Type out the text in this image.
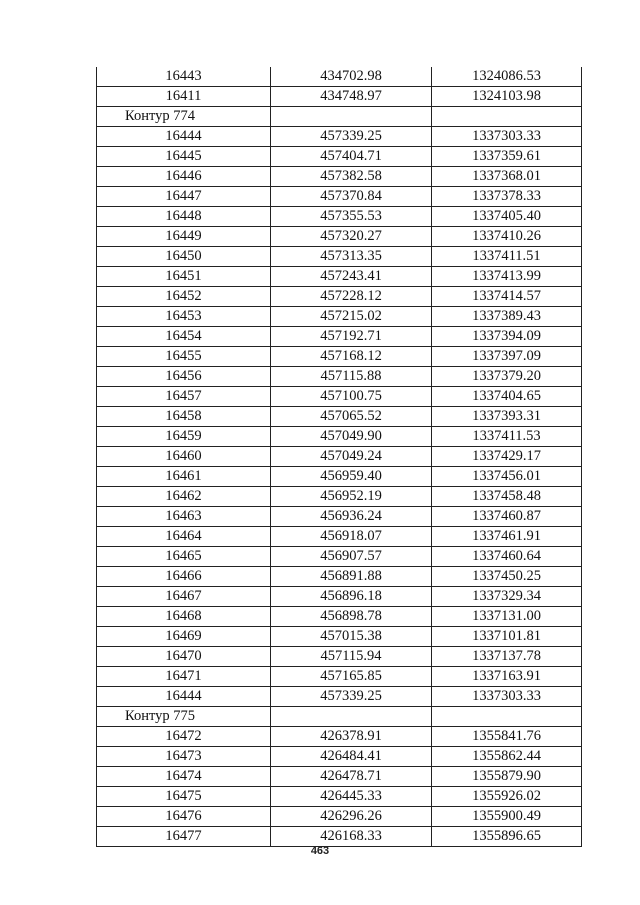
16443	434702.98	1324086.53
16411	434748.97	1324103.98
Контур 774		
16444	457339.25	1337303.33
16445	457404.71	1337359.61
16446	457382.58	1337368.01
16447	457370.84	1337378.33
16448	457355.53	1337405.40
16449	457320.27	1337410.26
16450	457313.35	1337411.51
16451	457243.41	1337413.99
16452	457228.12	1337414.57
16453	457215.02	1337389.43
16454	457192.71	1337394.09
16455	457168.12	1337397.09
16456	457115.88	1337379.20
16457	457100.75	1337404.65
16458	457065.52	1337393.31
16459	457049.90	1337411.53
16460	457049.24	1337429.17
16461	456959.40	1337456.01
16462	456952.19	1337458.48
16463	456936.24	1337460.87
16464	456918.07	1337461.91
16465	456907.57	1337460.64
16466	456891.88	1337450.25
16467	456896.18	1337329.34
16468	456898.78	1337131.00
16469	457015.38	1337101.81
16470	457115.94	1337137.78
16471	457165.85	1337163.91
16444	457339.25	1337303.33
Контур 775		
16472	426378.91	1355841.76
16473	426484.41	1355862.44
16474	426478.71	1355879.90
16475	426445.33	1355926.02
16476	426296.26	1355900.49
16477	426168.33	1355896.65
463
